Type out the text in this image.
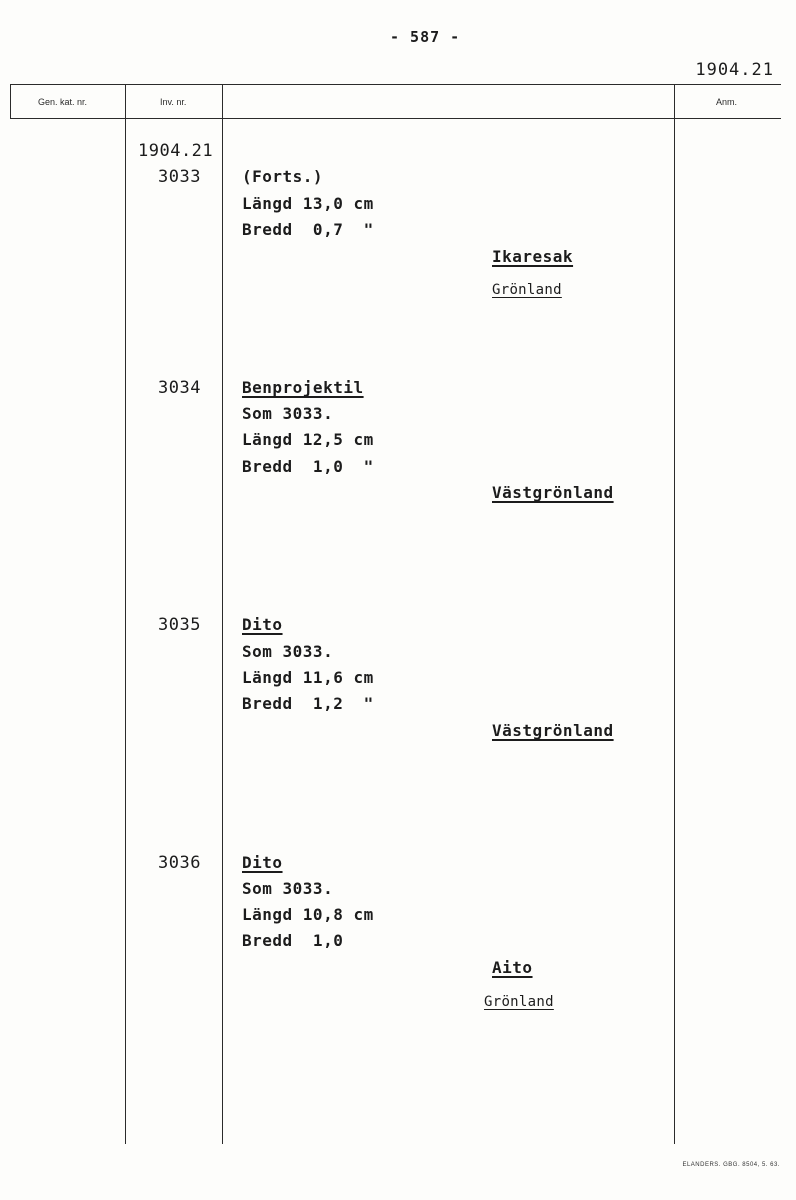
- 587 -
1904.21
Gen. kat. nr.	Inv. nr.	Anm.
1904.21
3033	(Forts.)
Längd 13,0 cm
Bredd  0,7  "
Ikaresak
Grönland
3034	Benprojektil
Som 3033.
Längd 12,5 cm
Bredd  1,0  "
Västgrönland
3035	Dito
Som 3033.
Längd 11,6 cm
Bredd  1,2  "
Västgrönland
3036	Dito
Som 3033.
Längd 10,8 cm
Bredd  1,0
Aito
Grönland
ELANDERS. GBG. 8504, 5. 63.
